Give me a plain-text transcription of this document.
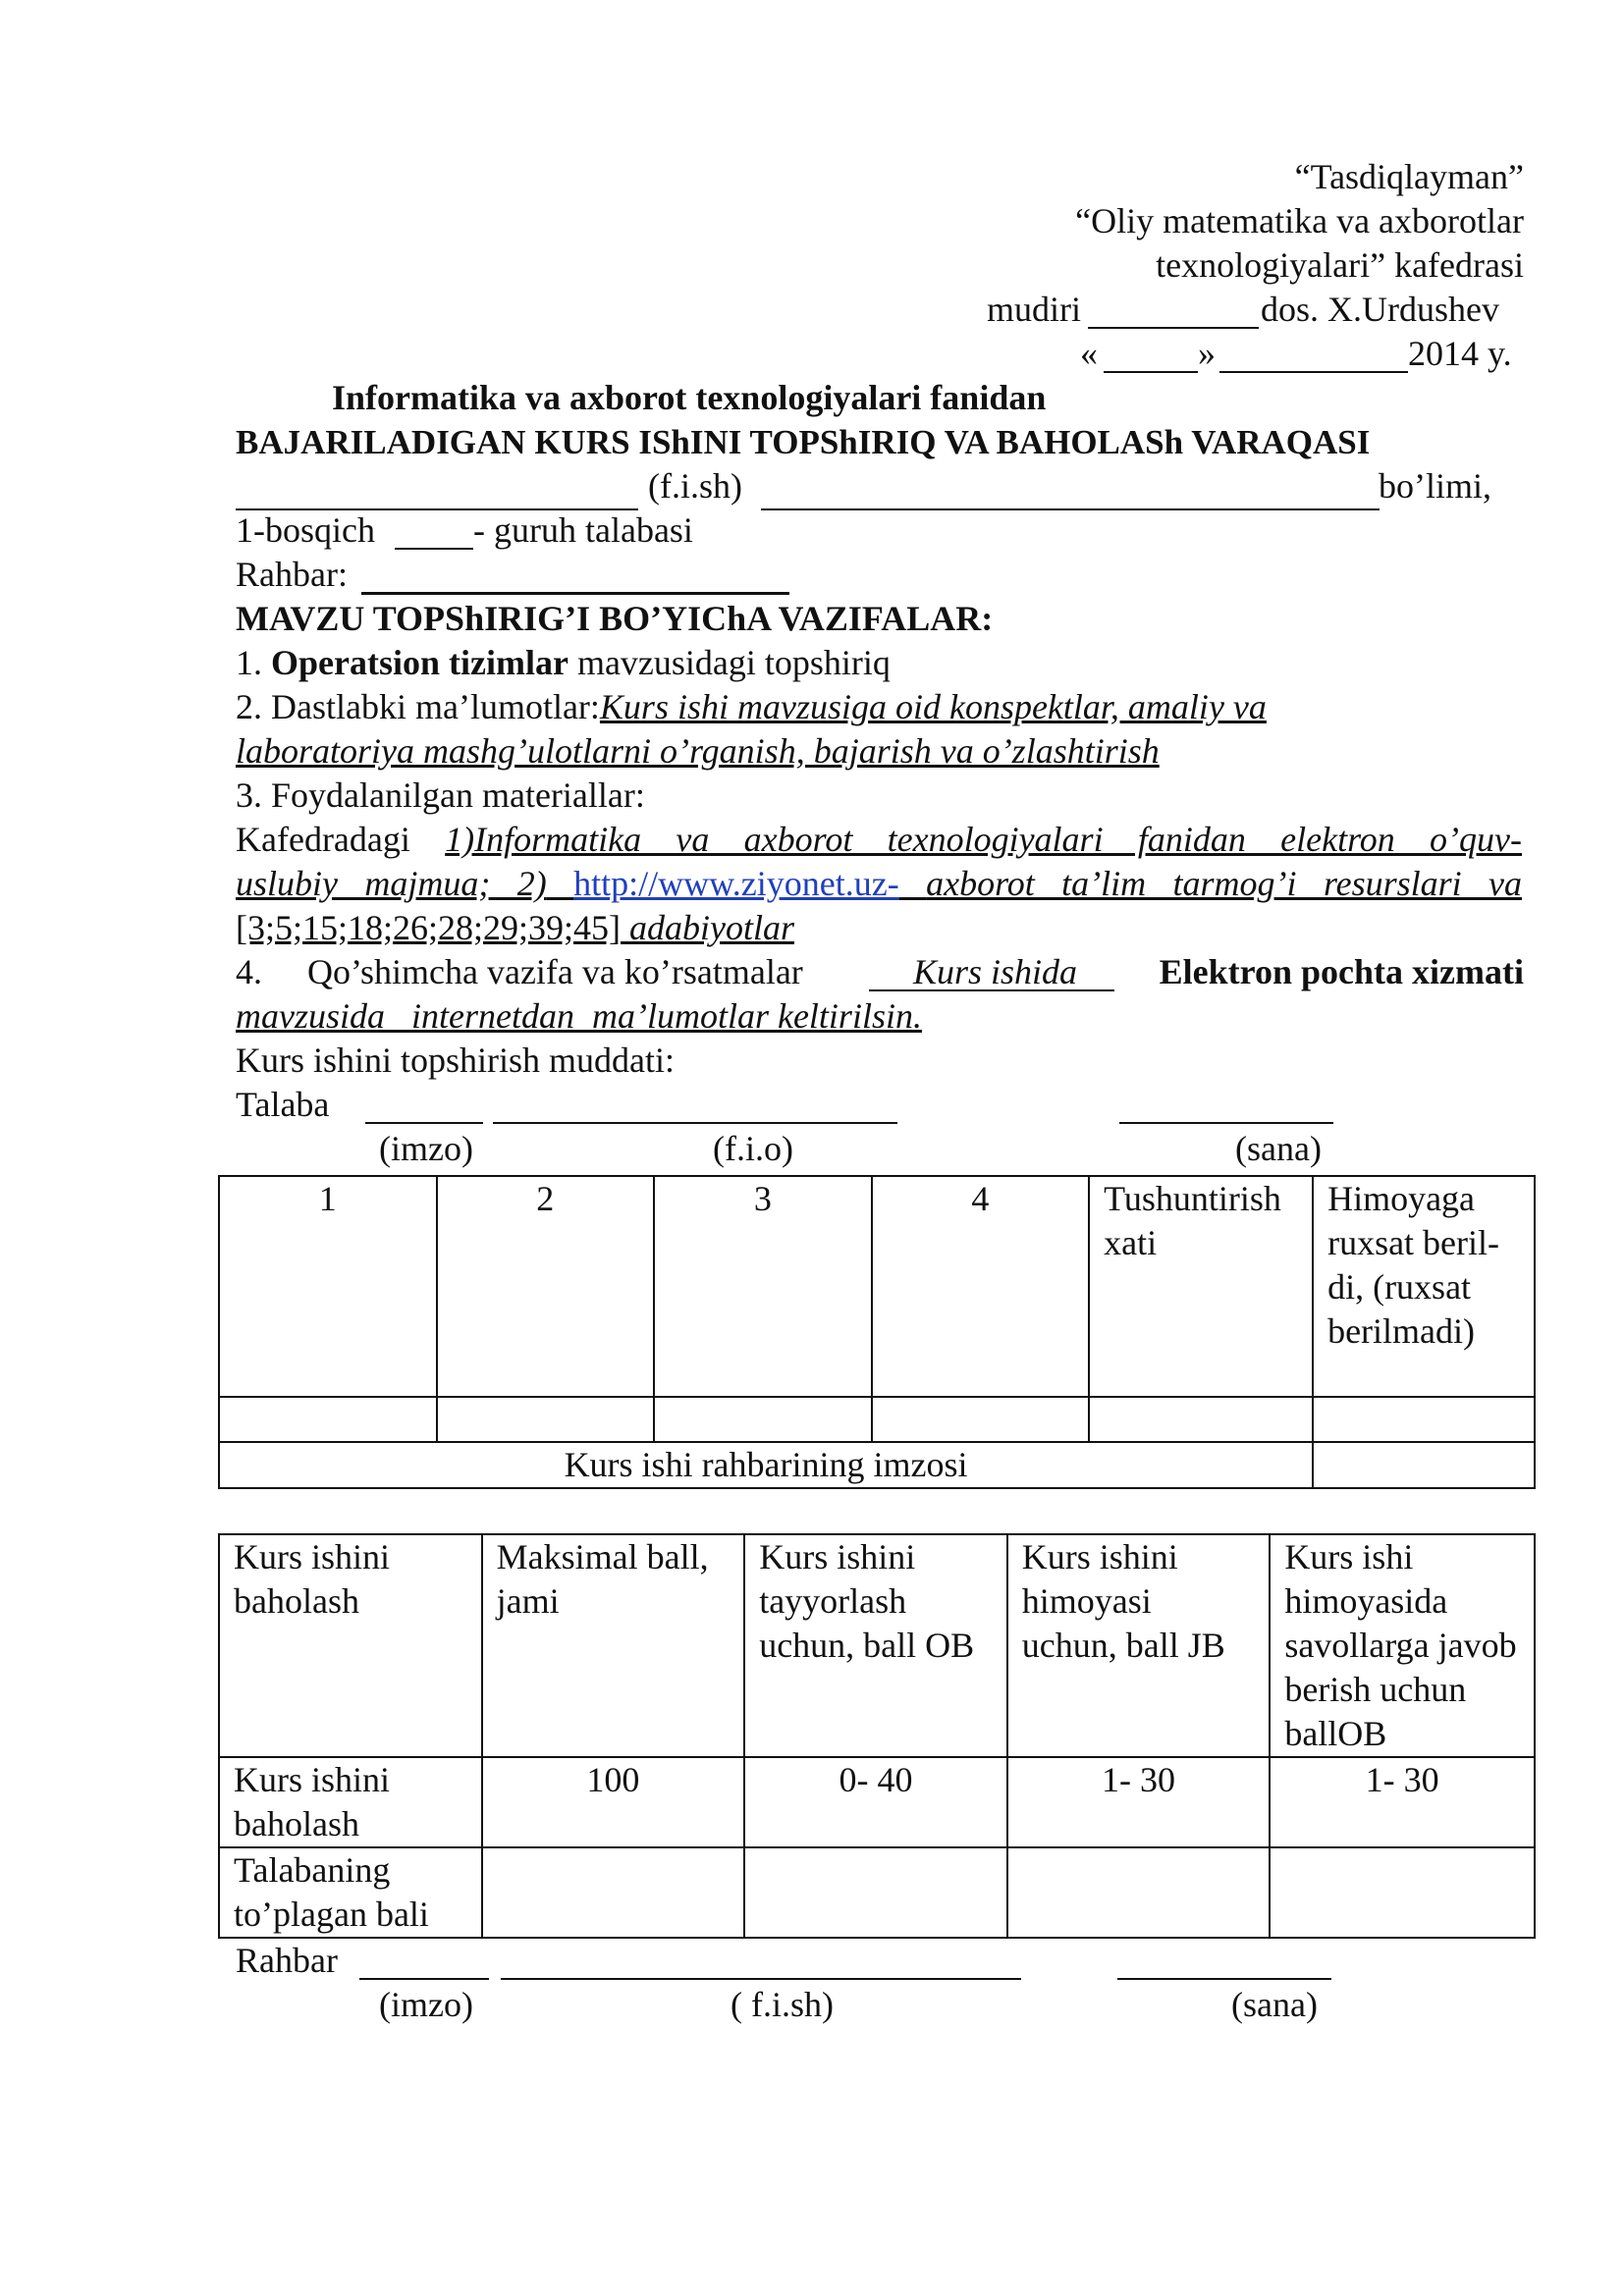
“Tasdiqlayman”
“Oliy matematika va axborotlar
texnologiyalari” kafedrasi
mudiri	dos. X.Urdushev
«	»	2014 y.
Informatika va axborot texnologiyalari fanidan
BAJARILADIGAN KURS IShINI TOPShIRIQ VA BAHOLASh VARAQASI
(f.i.sh)	bo’limi,
1-bosqich	- guruh talabasi
Rahbar:
MAVZU TOPShIRIG’I BO’YIChA VAZIFALAR:
1. Operatsion tizimlar mavzusidagi topshiriq
2. Dastlabki ma’lumotlar:Kurs ishi mavzusiga oid konspektlar, amaliy va
laboratoriya mashg’ulotlarni o’rganish, bajarish va o’zlashtirish
3. Foydalanilgan materiallar:
Kafedradagi 1)Informatika va axborot texnologiyalari fanidan elektron o’quv-
uslubiy majmua; 2) http://www.ziyonet.uz- axborot ta’lim tarmog’i resurslari va
[3;5;15;18;26;28;29;39;45] adabiyotlar
4. Qo’shimcha vazifa va ko’rsatmalar	Kurs ishida Elektron pochta xizmati
mavzusida   internetdan  ma’lumotlar keltirilsin.
Kurs ishini topshirish muddati:
Talaba
(imzo)	(f.i.o)	(sana)
1	2	3	4	Tushuntirish xati	Himoyaga ruxsat berildi, (ruxsat berilmadi)

Kurs ishi rahbarining imzosi					
Kurs ishini baholash	Maksimal ball, jami	Kurs ishini tayyorlash uchun, ball OB	Kurs ishini himoyasi uchun, ball JB	Kurs ishi himoyasida savollarga javob berish uchun ballOB
Kurs ishini baholash	100	0- 40	1- 30	1- 30
Talabaning to’plagan bali				
Rahbar
(imzo)	( f.i.sh)	(sana)
